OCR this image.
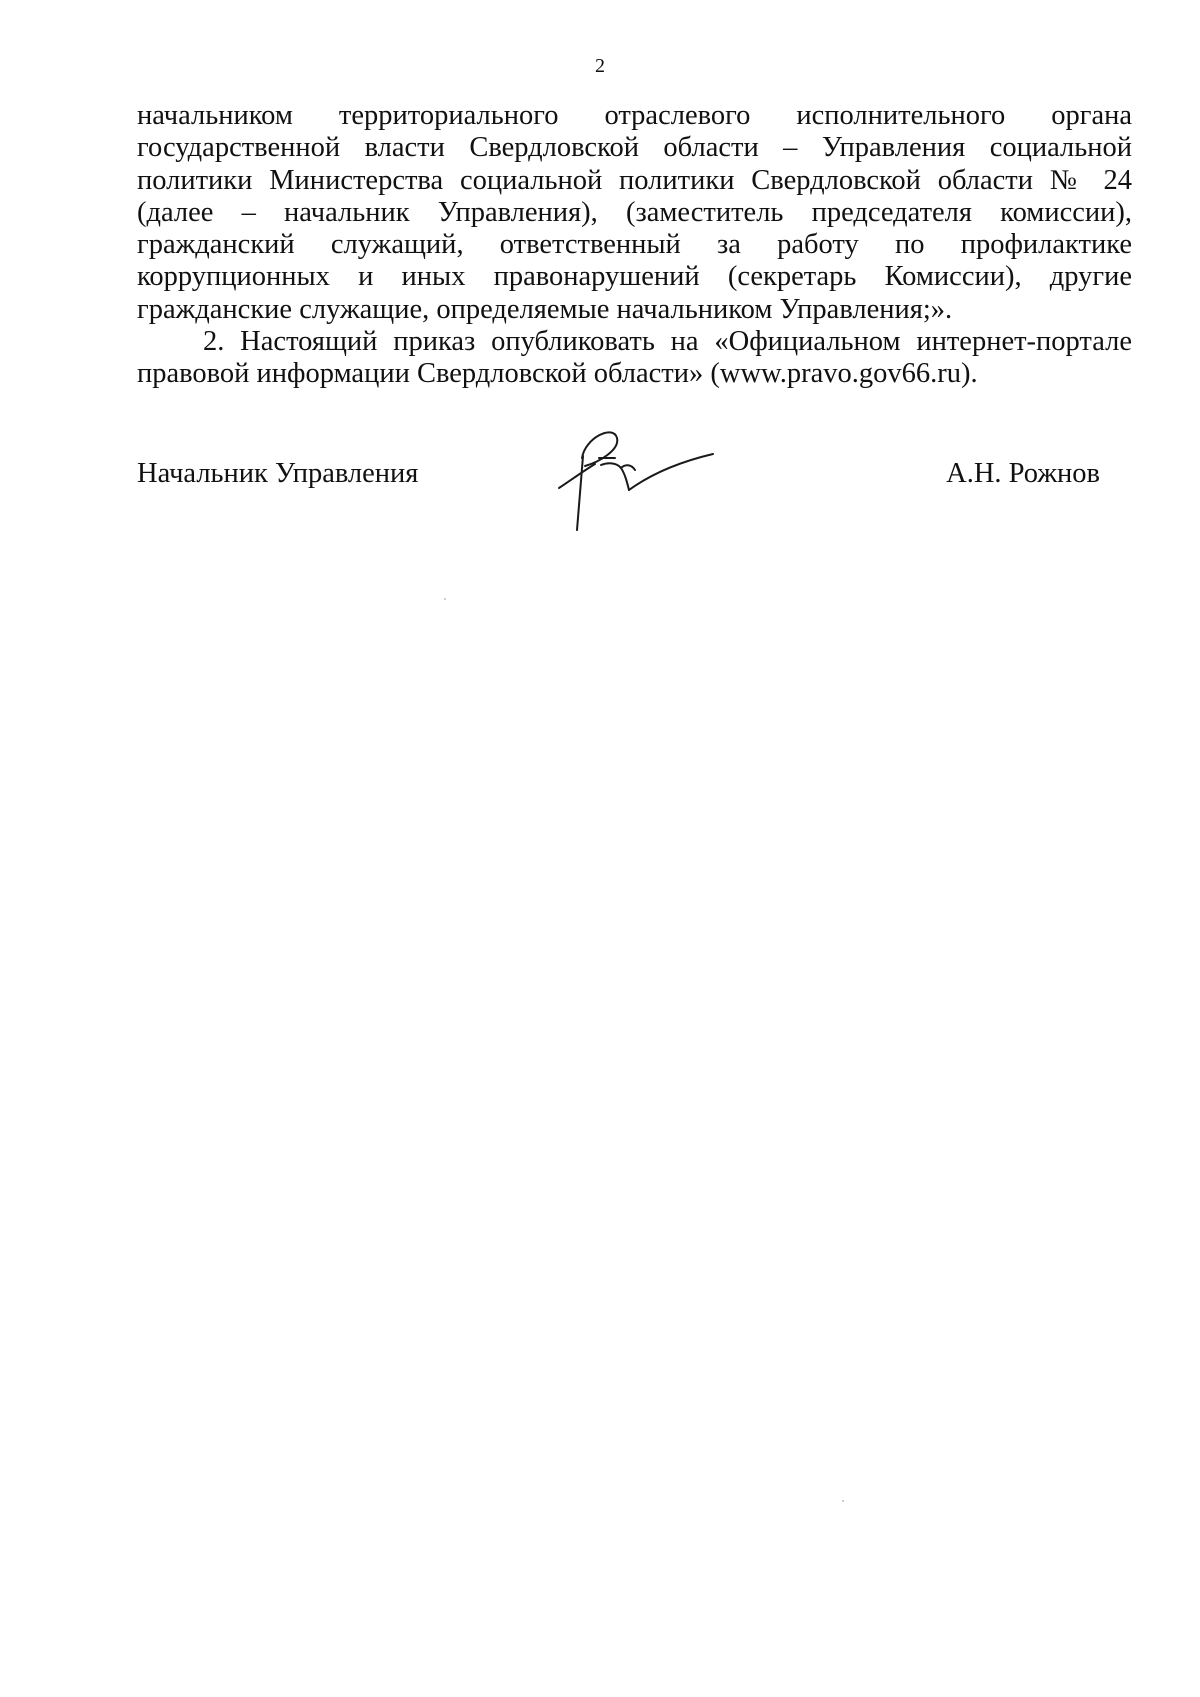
2

начальником территориального отраслевого исполнительного органа государственной власти Свердловской области – Управления социальной политики Министерства социальной политики Свердловской области № 24 (далее – начальник Управления), (заместитель председателя комиссии), гражданский служащий, ответственный за работу по профилактике коррупционных и иных правонарушений (секретарь Комиссии), другие гражданские служащие, определяемые начальником Управления;».

2. Настоящий приказ опубликовать на «Официальном интернет-портале правовой информации Свердловской области» (www.pravo.gov66.ru).

Начальник Управления	А.Н. Рожнов
